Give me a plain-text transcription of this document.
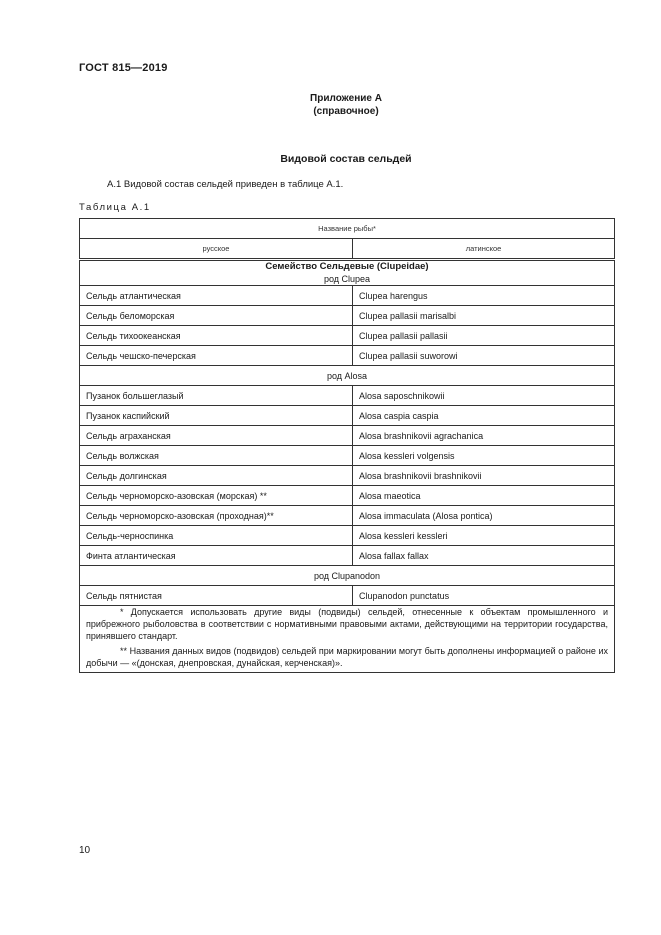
ГОСТ 815—2019
Приложение А
(справочное)
Видовой состав сельдей
А.1 Видовой состав сельдей приведен в таблице А.1.
Таблица А.1
Название рыбы*	
русское	латинское

Семейство Сельдевые (Clupeidae)
род Clupea	

Сельдь атлантическая	Clupea harengus
Сельдь беломорская	Clupea pallasii marisalbi
Сельдь тихоокеанская	Clupea pallasii pallasii
Сельдь чешско-печерская	Clupea pallasii suworowi

род Alosa	

Пузанок большеглазый	Alosa saposchnikowii
Пузанок каспийский	Alosa caspia caspia
Сельдь аграханская	Alosa brashnikovii agrachanica
Сельдь волжская	Alosa kessleri volgensis
Сельдь долгинская	Alosa brashnikovii brashnikovii
Сельдь черноморско-азовская (морская) **	Alosa maeotica
Сельдь черноморско-азовская (проходная)**	Alosa immaculata (Alosa pontica)
Сельдь-черноспинка	Alosa kessleri kessleri
Финта атлантическая	Alosa fallax fallax

род Clupanodon	

Сельдь пятнистая	Clupanodon punctatus

* Допускается использовать другие виды (подвиды) сельдей, отнесенные к объектам промышленного и прибрежного рыболовства в соответствии с нормативными правовыми актами, действующими на территории государства, принявшего стандарт.

** Названия данных видов (подвидов) сельдей при маркировании могут быть дополнены информацией о районе их добычи — «(донская, днепровская, дунайская, керченская)».	

10
